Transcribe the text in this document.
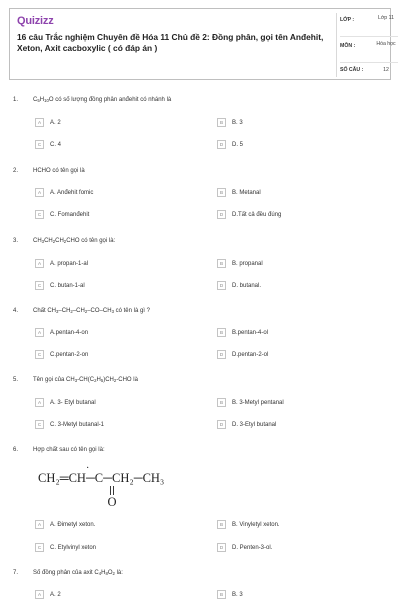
Quizizz
16 câu Trắc nghiệm Chuyên đề Hóa 11 Chủ đề 2: Đồng phân, gọi tên Anđehit, Xeton, Axit cacboxylic ( có đáp án )
LỚP :	Lớp 11
MÔN :	Hóa học
SỐ CÂU :	12
1. $C_5H_{10}O$ có số lượng đồng phân anđehit có nhánh là
A	A. 2	B	B. 3
C	C. 4	D	D. 5
2. HCHO có tên gọi là
A	A. Anđehit fomic	B	B. Metanal
C	C. Fomanđehit	D	D.Tất cả đều đúng
3. $CH_3CH_2CH_2CHO$ có tên gọi là:
A	A. propan-1-al	B	B. propanal
C	C. butan-1-al	D	D. butanal.
4. Chất $CH_3-CH_2-CH_2-CO-CH_3$ có tên là gì ?
A	A.pentan-4-on	B	B.pentan-4-ol
C	C.pentan-2-on	D	D.pentan-2-ol
5. Tên gọi của $CH_3-CH(C_2H_5)CH_2$-CHO là
A	A. 3- Etyl butanal	B	B. 3-Metyl pentanal
C	C. 3-Metyl butanal-1	D	D. 3-Etyl butanal
6. Hợp chất sau có tên gọi là:
·
CH₂═CH─C─CH₂─CH₃
O
A	A. Đimetyl xeton.	B	B. Vinyletyl xeton.
C	C. Etylvinyl xeton	D	D. Penten-3-ol.
7. Số đồng phân của axit $C_4H_8O_2$ là:
A	A. 2	B	B. 3
